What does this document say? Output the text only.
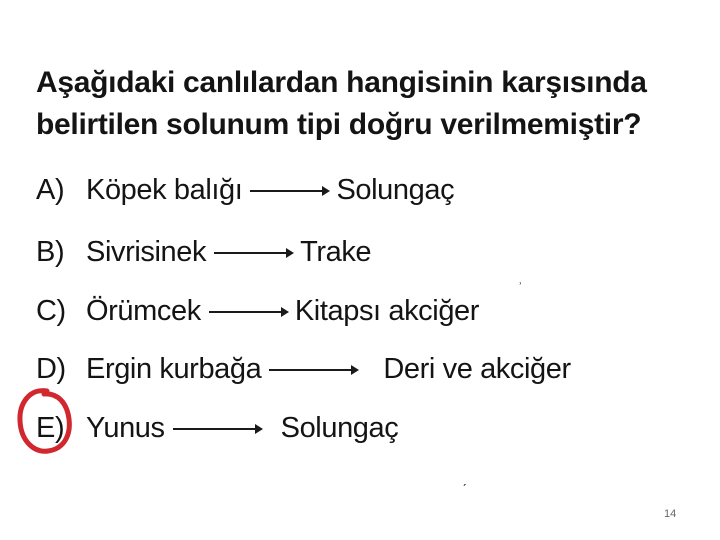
Aşağıdaki canlılardan hangisinin karşısında
belirtilen solunum tipi doğru verilmemiştir?
A) Köpek balığı	Solungaç
B) Sivrisinek	Trake
C) Örümcek	Kitapsı akciğer
D) Ergin kurbağa	Deri ve akciğer
E) Yunus	Solungaç
˒
ˏ
14
